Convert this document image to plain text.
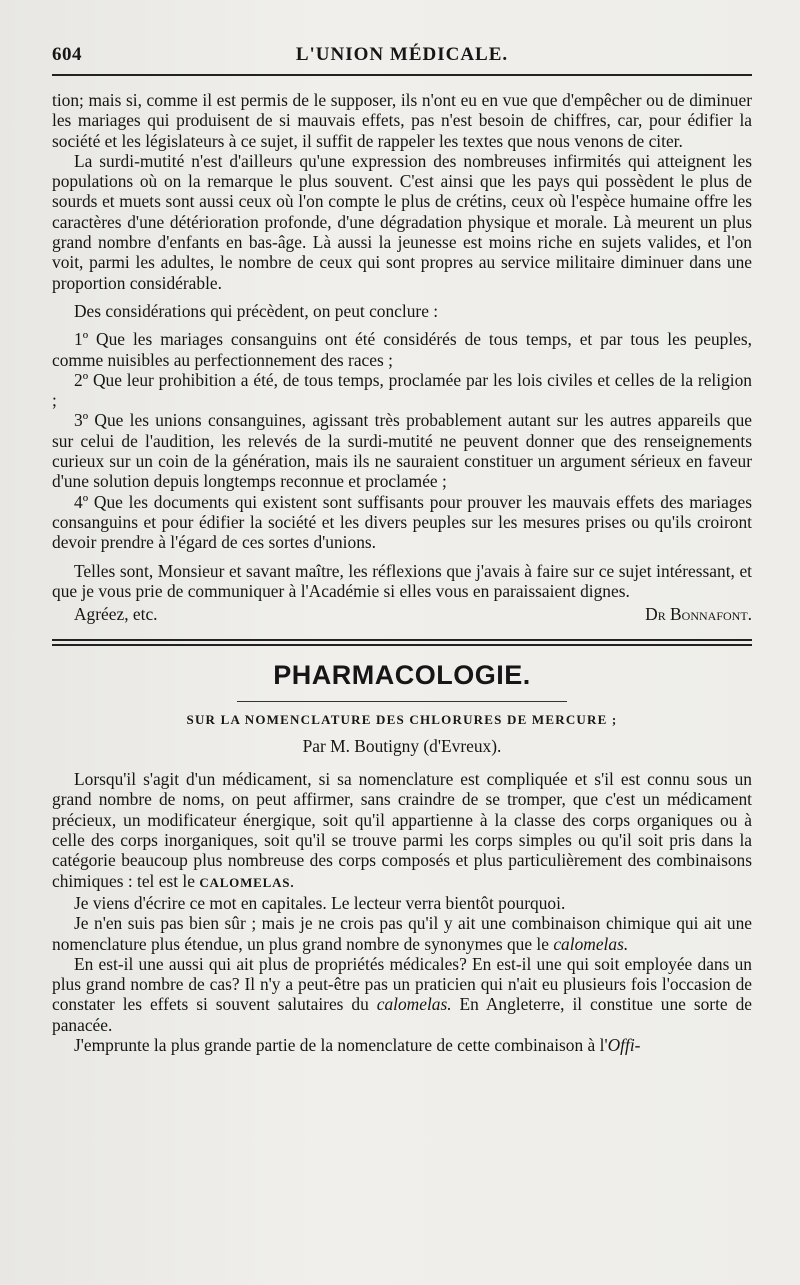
604	L'UNION MÉDICALE.

tion; mais si, comme il est permis de le supposer, ils n'ont eu en vue que d'empêcher ou de diminuer les mariages qui produisent de si mauvais effets, pas n'est besoin de chiffres, car, pour édifier la société et les législateurs à ce sujet, il suffit de rappeler les textes que nous venons de citer.

La surdi-mutité n'est d'ailleurs qu'une expression des nombreuses infirmités qui atteignent les populations où on la remarque le plus souvent. C'est ainsi que les pays qui possèdent le plus de sourds et muets sont aussi ceux où l'on compte le plus de crétins, ceux où l'espèce humaine offre les caractères d'une détérioration profonde, d'une dégradation physique et morale. Là meurent un plus grand nombre d'enfants en bas-âge. Là aussi la jeunesse est moins riche en sujets valides, et l'on voit, parmi les adultes, le nombre de ceux qui sont propres au service militaire diminuer dans une proportion considérable.

Des considérations qui précèdent, on peut conclure :

1º Que les mariages consanguins ont été considérés de tous temps, et par tous les peuples, comme nuisibles au perfectionnement des races ;

2º Que leur prohibition a été, de tous temps, proclamée par les lois civiles et celles de la religion ;

3º Que les unions consanguines, agissant très probablement autant sur les autres appareils que sur celui de l'audition, les relevés de la surdi-mutité ne peuvent donner que des renseignements curieux sur un coin de la génération, mais ils ne sauraient constituer un argument sérieux en faveur d'une solution depuis longtemps reconnue et proclamée ;

4º Que les documents qui existent sont suffisants pour prouver les mauvais effets des mariages consanguins et pour édifier la société et les divers peuples sur les mesures prises ou qu'ils croiront devoir prendre à l'égard de ces sortes d'unions.

Telles sont, Monsieur et savant maître, les réflexions que j'avais à faire sur ce sujet intéressant, et que je vous prie de communiquer à l'Académie si elles vous en paraissaient dignes.

Agréez, etc.	Dr Bonnafont.
PHARMACOLOGIE.
SUR LA NOMENCLATURE DES CHLORURES DE MERCURE ;
Par M. Boutigny (d'Evreux).

Lorsqu'il s'agit d'un médicament, si sa nomenclature est compliquée et s'il est connu sous un grand nombre de noms, on peut affirmer, sans craindre de se tromper, que c'est un médicament précieux, un modificateur énergique, soit qu'il appartienne à la classe des corps organiques ou à celle des corps inorganiques, soit qu'il se trouve parmi les corps simples ou qu'il soit pris dans la catégorie beaucoup plus nombreuse des corps composés et plus particulièrement des combinaisons chimiques : tel est le CALOMELAS.

Je viens d'écrire ce mot en capitales. Le lecteur verra bientôt pourquoi.

Je n'en suis pas bien sûr ; mais je ne crois pas qu'il y ait une combinaison chimique qui ait une nomenclature plus étendue, un plus grand nombre de synonymes que le calomelas.

En est-il une aussi qui ait plus de propriétés médicales? En est-il une qui soit employée dans un plus grand nombre de cas? Il n'y a peut-être pas un praticien qui n'ait eu plusieurs fois l'occasion de constater les effets si souvent salutaires du calomelas. En Angleterre, il constitue une sorte de panacée.

J'emprunte la plus grande partie de la nomenclature de cette combinaison à l'Offi-
